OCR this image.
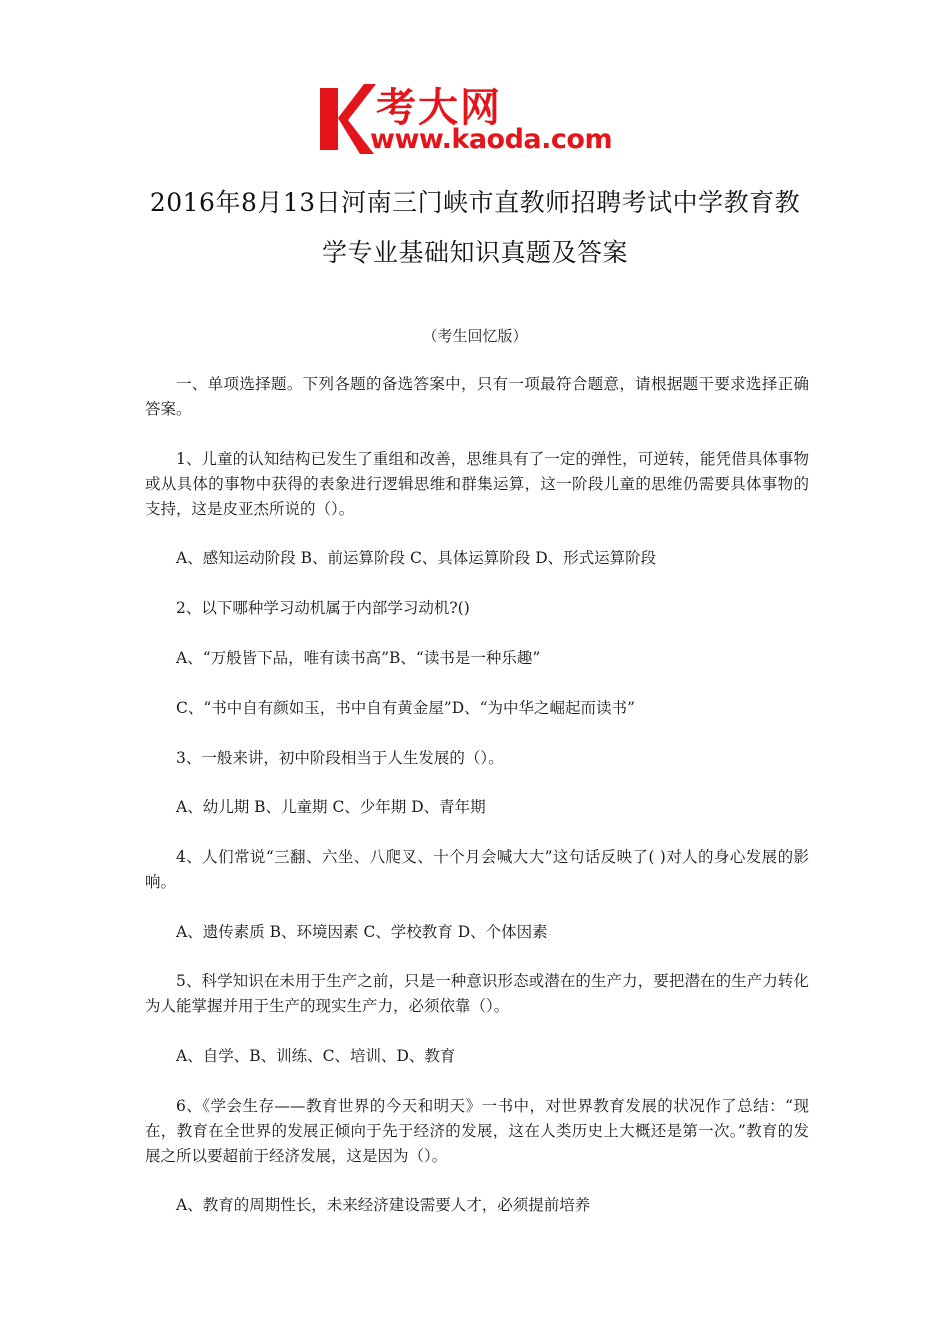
考大网
www.kaoda.com
2016年8月13日河南三门峡市直教师招聘考试中学教育教学专业基础知识真题及答案
（考生回忆版）
一、单项选择题。下列各题的备选答案中，只有一项最符合题意，请根据题干要求选择正确答案。
1、儿童的认知结构已发生了重组和改善，思维具有了一定的弹性，可逆转，能凭借具体事物或从具体的事物中获得的表象进行逻辑思维和群集运算，这一阶段儿童的思维仍需要具体事物的支持，这是皮亚杰所说的（）。
A、感知运动阶段 B、前运算阶段 C、具体运算阶段 D、形式运算阶段
2、以下哪种学习动机属于内部学习动机?()
A、“万般皆下品，唯有读书高”B、“读书是一种乐趣”
C、“书中自有颜如玉，书中自有黄金屋”D、“为中华之崛起而读书”
3、一般来讲，初中阶段相当于人生发展的（）。
A、幼儿期 B、儿童期 C、少年期 D、青年期
4、人们常说“三翻、六坐、八爬叉、十个月会喊大大”这句话反映了( )对人的身心发展的影响。
A、遗传素质 B、环境因素 C、学校教育 D、个体因素
5、科学知识在未用于生产之前，只是一种意识形态或潜在的生产力，要把潜在的生产力转化为人能掌握并用于生产的现实生产力，必须依靠（）。
A、自学、B、训练、C、培训、D、教育
6、《学会生存——教育世界的今天和明天》一书中，对世界教育发展的状况作了总结：“现在，教育在全世界的发展正倾向于先于经济的发展，这在人类历史上大概还是第一次。”教育的发展之所以要超前于经济发展，这是因为（）。
A、教育的周期性长，未来经济建设需要人才，必须提前培养
